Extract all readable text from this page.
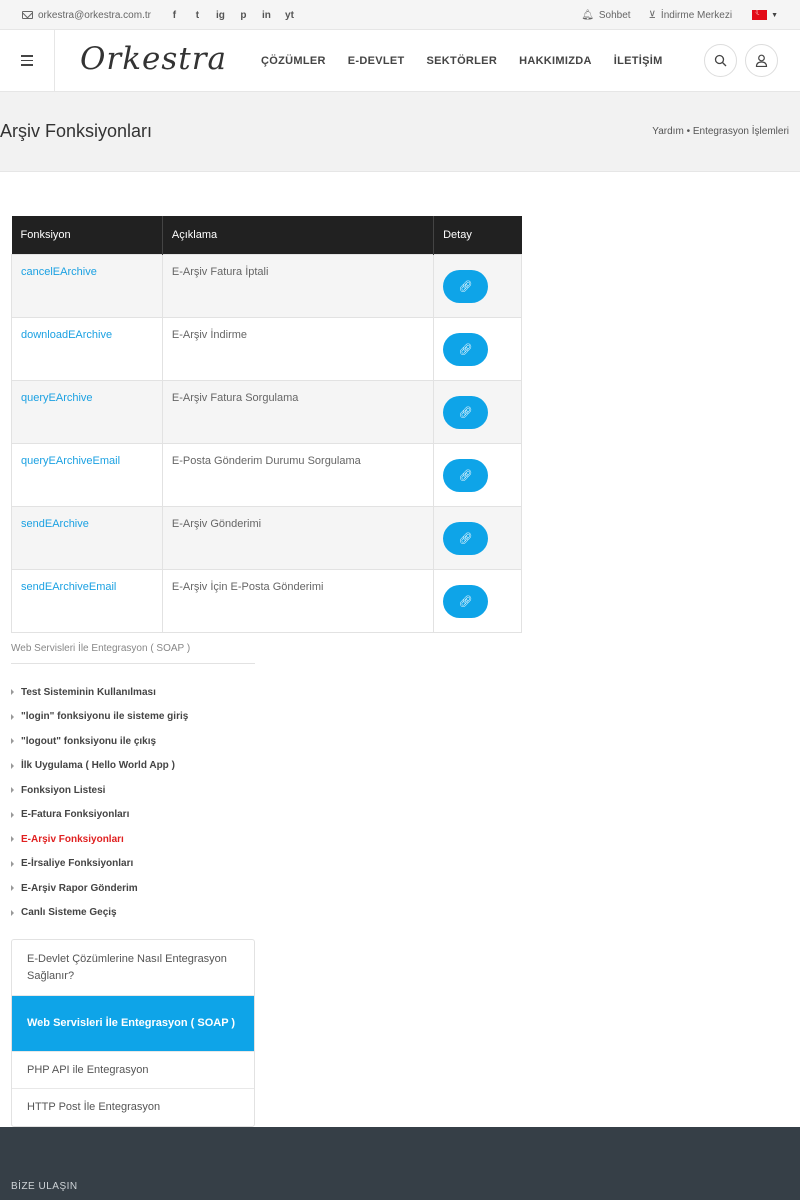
orkestra@orkestra.com.tr	f	t	ig	p	in	yt	🔔︎ Sohbet ⊻ İndirme Merkezi ☾	▼
Orkestra	ÇÖZÜMLER E-DEVLET SEKTÖRLER HAKKIMIZDA İLETİŞİM
Arşiv Fonksiyonları	Yardım • Entegrasyon İşlemleri
Fonksiyon	Açıklama	Detay
cancelEArchive	E-Arşiv Fatura İptali	🔗︎

downloadEArchive	E-Arşiv İndirme	🔗︎

queryEArchive	E-Arşiv Fatura Sorgulama	🔗︎

queryEArchiveEmail	E-Posta Gönderim Durumu Sorgulama	🔗︎

sendEArchive	E-Arşiv Gönderimi	🔗︎

sendEArchiveEmail	E-Arşiv İçin E-Posta Gönderimi	🔗︎
Web Servisleri İle Entegrasyon ( SOAP )
Test Sisteminin Kullanılması
"login" fonksiyonu ile sisteme giriş
"logout" fonksiyonu ile çıkış
İlk Uygulama ( Hello World App )
Fonksiyon Listesi
E-Fatura Fonksiyonları
E-Arşiv Fonksiyonları
E-İrsaliye Fonksiyonları
E-Arşiv Rapor Gönderim
Canlı Sisteme Geçiş
E-Devlet Çözümlerine Nasıl Entegrasyon Sağlanır?
Web Servisleri İle Entegrasyon ( SOAP )
PHP API ile Entegrasyon
HTTP Post İle Entegrasyon
BİZE ULAŞIN
